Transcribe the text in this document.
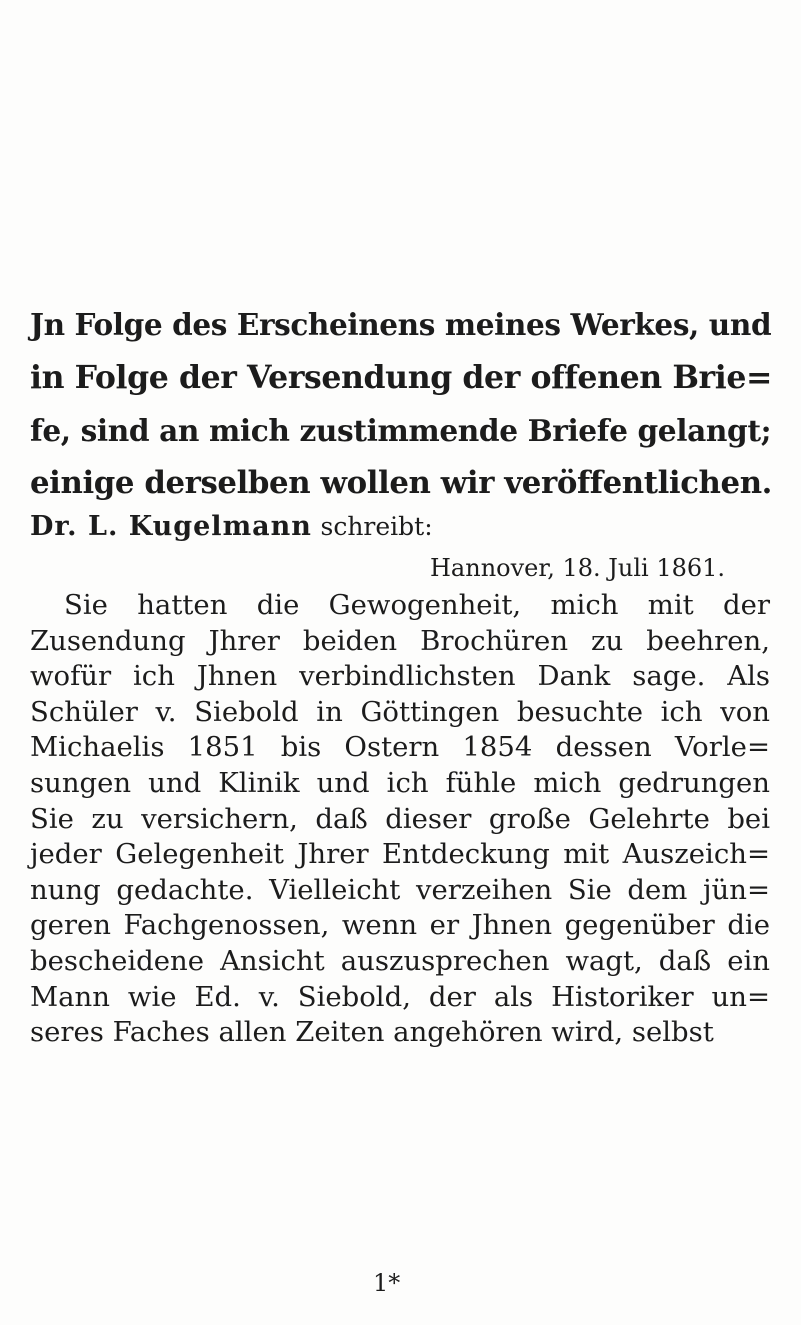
Jn Folge des Erscheinens meines Werkes, und
in Folge der Versendung der offenen Brie=
fe, sind an mich zustimmende Briefe gelangt;
einige derselben wollen wir veröffentlichen.
Dr. L. Kugelmann schreibt:
Hannover, 18. Juli 1861.
Sie hatten die Gewogenheit, mich mit der
Zusendung Jhrer beiden Brochüren zu beehren,
wofür ich Jhnen verbindlichsten Dank sage. Als
Schüler v. Siebold in Göttingen besuchte ich von
Michaelis 1851 bis Ostern 1854 dessen Vorle=
sungen und Klinik und ich fühle mich gedrungen
Sie zu versichern, daß dieser große Gelehrte bei
jeder Gelegenheit Jhrer Entdeckung mit Auszeich=
nung gedachte. Vielleicht verzeihen Sie dem jün=
geren Fachgenossen, wenn er Jhnen gegenüber die
bescheidene Ansicht auszusprechen wagt, daß ein
Mann wie Ed. v. Siebold, der als Historiker un=
seres Faches allen Zeiten angehören wird, selbst
1*
